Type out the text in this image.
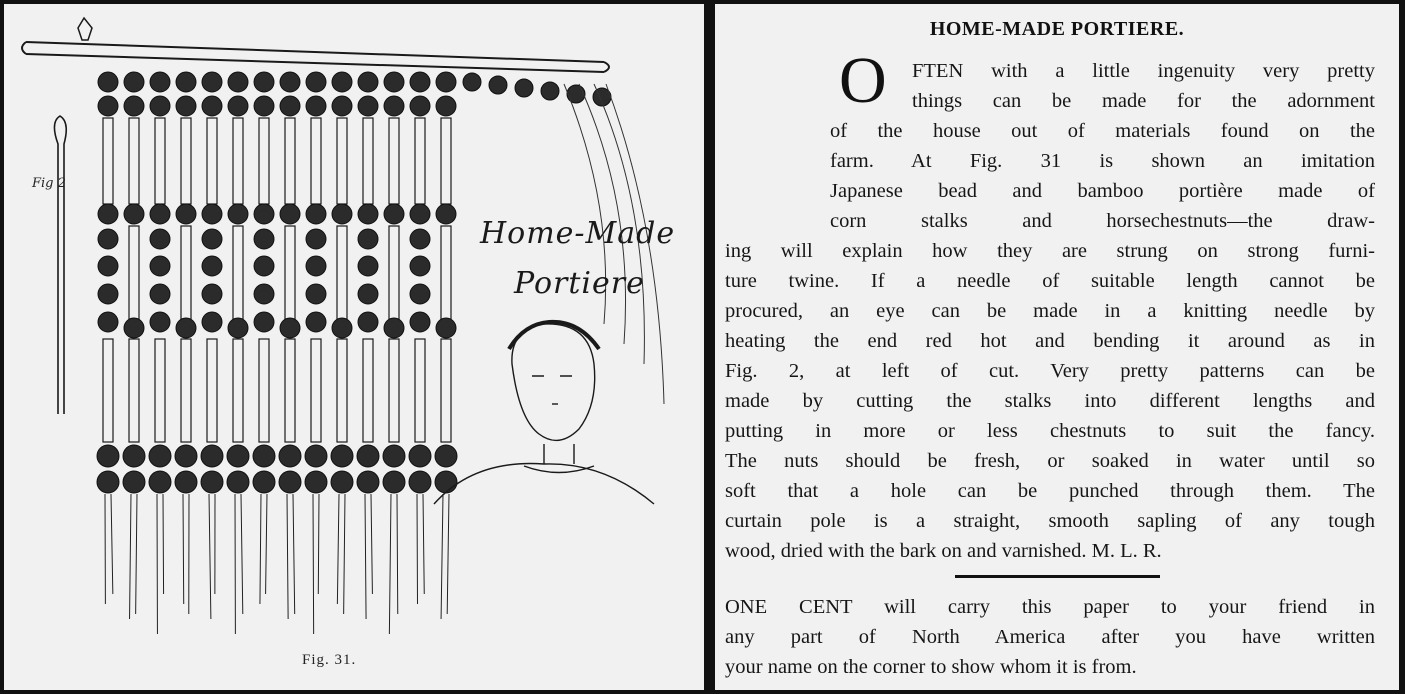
Fig 2
Home-Made
Portiere
Fig. 31.
HOME-MADE PORTIERE.
O FTEN with a little ingenuity very pretty
things can be made for the adornment
of the house out of materials found on the
farm. At Fig. 31 is shown an imitation
Japanese bead and bamboo portière made of
corn stalks and horsechestnuts—the draw-
ing will explain how they are strung on strong furni-
ture twine. If a needle of suitable length cannot be
procured, an eye can be made in a knitting needle by
heating the end red hot and bending it around as in
Fig. 2, at left of cut. Very pretty patterns can be
made by cutting the stalks into different lengths and
putting in more or less chestnuts to suit the fancy.
The nuts should be fresh, or soaked in water until so
soft that a hole can be punched through them. The
curtain pole is a straight, smooth sapling of any tough
wood, dried with the bark on and varnished. M. L. R.
ONE CENT will carry this paper to your friend in
any part of North America after you have written
your name on the corner to show whom it is from.
